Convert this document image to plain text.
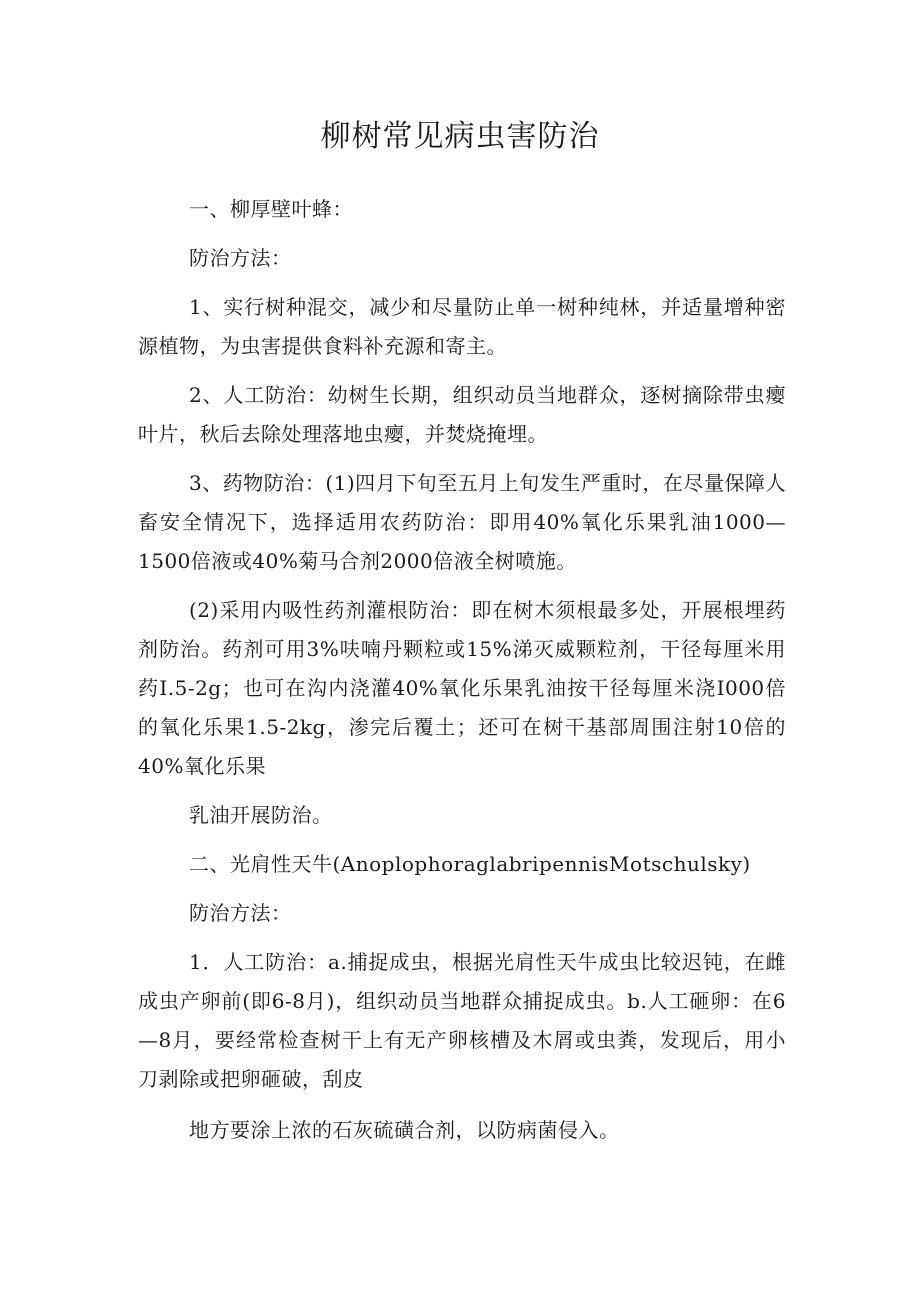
柳树常见病虫害防治

一、柳厚壁叶蜂：

防治方法：

1、实行树种混交，减少和尽量防止单一树种纯林，并适量增种密源植物，为虫害提供食料补充源和寄主。

2、人工防治：幼树生长期，组织动员当地群众，逐树摘除带虫瘿叶片，秋后去除处理落地虫瘿，并焚烧掩埋。

3、药物防治：(1)四月下旬至五月上旬发生严重时，在尽量保障人畜安全情况下，选择适用农药防治：即用40%氧化乐果乳油1000—1500倍液或40%菊马合剂2000倍液全树喷施。

(2)采用内吸性药剂灌根防治：即在树木须根最多处，开展根埋药剂防治。药剂可用3%呋喃丹颗粒或15%涕灭威颗粒剂，干径每厘米用药I.5-2g；也可在沟内浇灌40%氧化乐果乳油按干径每厘米浇I000倍的氧化乐果1.5-2kg，渗完后覆土；还可在树干基部周围注射10倍的40%氧化乐果

乳油开展防治。

二、光肩性天牛(AnoplophoraglabripennisMotschulsky)

防治方法：

1．人工防治：a.捕捉成虫，根据光肩性天牛成虫比较迟钝，在雌成虫产卵前(即6-8月)，组织动员当地群众捕捉成虫。b.人工砸卵：在6—8月，要经常检查树干上有无产卵核槽及木屑或虫粪，发现后，用小刀剥除或把卵砸破，刮皮

地方要涂上浓的石灰硫磺合剂，以防病菌侵入。
